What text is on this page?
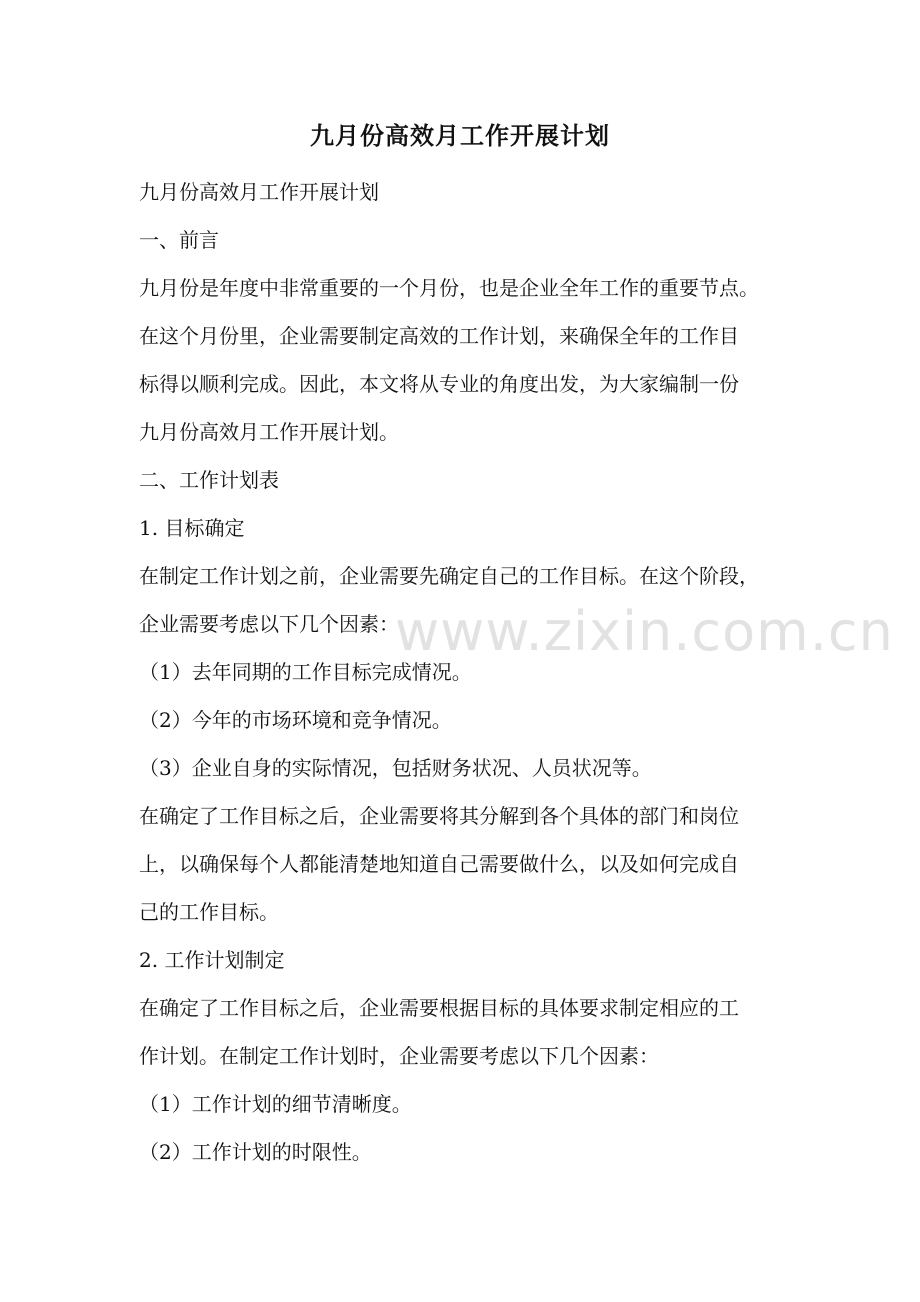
九月份高效月工作开展计划
九月份高效月工作开展计划
一、前言
九月份是年度中非常重要的一个月份，也是企业全年工作的重要节点。
在这个月份里，企业需要制定高效的工作计划，来确保全年的工作目
标得以顺利完成。因此，本文将从专业的角度出发，为大家编制一份
九月份高效月工作开展计划。
二、工作计划表
1. 目标确定
在制定工作计划之前，企业需要先确定自己的工作目标。在这个阶段，
企业需要考虑以下几个因素：
（1）去年同期的工作目标完成情况。
（2）今年的市场环境和竞争情况。
（3）企业自身的实际情况，包括财务状况、人员状况等。
在确定了工作目标之后，企业需要将其分解到各个具体的部门和岗位
上，以确保每个人都能清楚地知道自己需要做什么，以及如何完成自
己的工作目标。
2. 工作计划制定
在确定了工作目标之后，企业需要根据目标的具体要求制定相应的工
作计划。在制定工作计划时，企业需要考虑以下几个因素：
（1）工作计划的细节清晰度。
（2）工作计划的时限性。
www.zixin.com.cn
